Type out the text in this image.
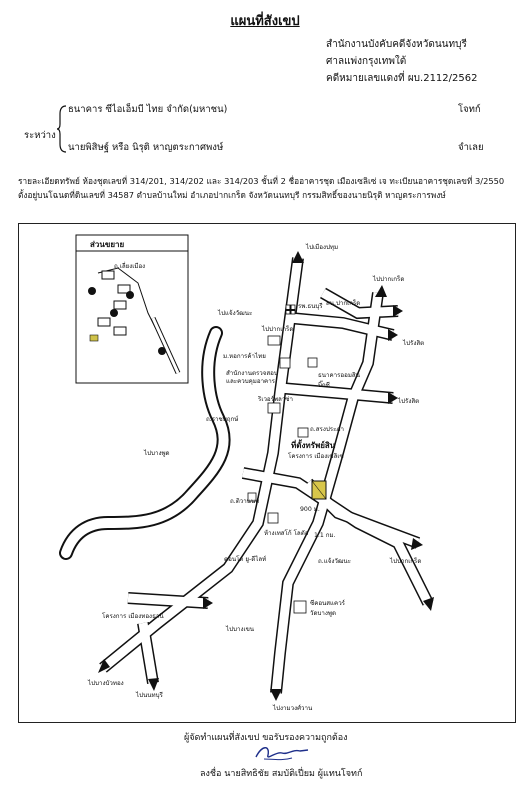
แผนที่สังเขป
สำนักงานบังคับคดีจังหวัดนนทบุรี
ศาลแพ่งกรุงเทพใต้
คดีหมายเลขแดงที่ ผบ.2112/2562
ระหว่าง
ธนาคาร ซีไอเอ็มบี ไทย จำกัด(มหาชน)	โจทก์
นายพิสิษฐ์ หรือ นิรุติ หาญตระกาศพงษ์	จำเลย
รายละเอียดทรัพย์ ห้องชุดเลขที่ 314/201, 314/202 และ 314/203 ชั้นที่ 2 ชื่ออาคารชุด เมืองเซลิเซ่ เจ ทะเบียนอาคารชุดเลขที่ 3/2550
ตั้งอยู่บนโฉนดที่ดินเลขที่ 34587 ตำบลบ้านใหม่ อำเภอปากเกร็ด จังหวัดนนทบุรี กรรมสิทธิ์ของนายนิรุติ หาญตระการพงษ์
ไปเมืองปทุม
ไปปากเกร็ด
ไปรังสิต
ไปรังสิต
รพ.ธนบุรี สน.ปากเกร็ด
ไปปากเกร็ด
ม.หอการค้าไทย
สำนักงานตรวจสอบ
และควบคุมอาคาร
ธนาคารออมสิน
บิ๊กซี
ริเวอร์พลาซ่า
ถ.สรงประภา
ไปบางพูด
900 ม.
1.1 กม.
ห้างเทสโก้ โลตัส
คอนโด ยู-ดีไลท์
โครงการ เมืองทองธานี
ไปบางเขน
ไปบางบัวทอง
ไปนนทบุรี
ไปงามวงศ์วาน
ซีคอนสแควร์
วัดบางพูด
โครงการ เมืองเซลิเซ่
ถ.เลี่ยงเมือง
ไปแจ้งวัฒนะ
ไปปากเกร็ด
ถ.ติวานนท์
ถ.แจ้งวัฒนะ
ถ.ราชพฤกษ์
ส่วนขยาย
ที่ตั้งทรัพย์สิน
ผู้จัดทำแผนที่สังเขป ขอรับรองความถูกต้อง
ลงชื่อ นายสิทธิชัย สมบัติเปี่ยม ผู้แทนโจทก์
